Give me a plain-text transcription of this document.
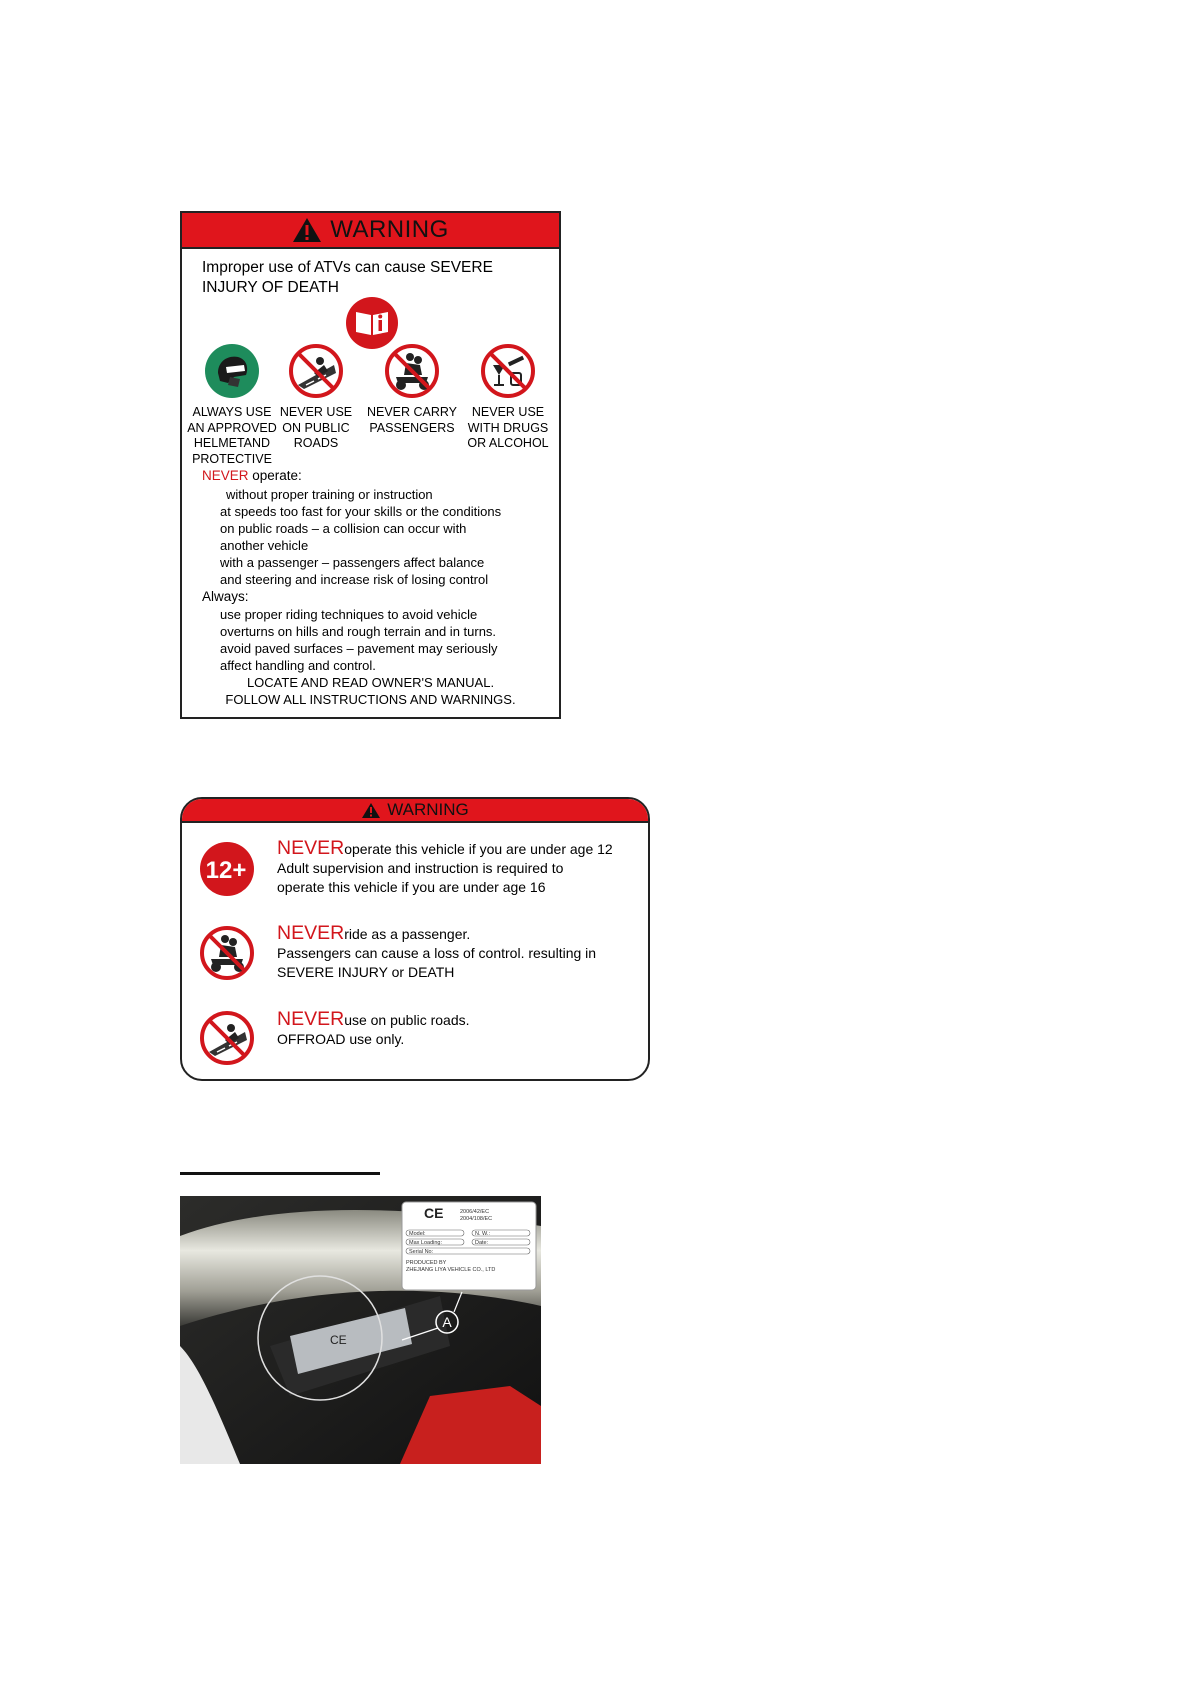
WARNING
Improper use of ATVs can cause SEVERE
INJURY OF DEATH
ALWAYS USE
AN APPROVED
HELMETAND
PROTECTIVE
NEVER USE
ON PUBLIC
ROADS
NEVER CARRY
PASSENGERS
NEVER USE
WITH DRUGS
OR ALCOHOL
NEVER operate:
without proper training or instruction
at speeds too fast for your skills or the conditions
on public roads – a collision can occur with
another vehicle
with a passenger – passengers affect balance
and steering and increase risk of losing control
Always:
use proper riding techniques to avoid vehicle
overturns on hills and rough terrain and in turns.
avoid paved surfaces – pavement may seriously
affect handling and control.
LOCATE AND READ OWNER'S MANUAL.
FOLLOW ALL INSTRUCTIONS AND WARNINGS.
WARNING
12+
NEVERoperate this vehicle if you are under age 12
Adult supervision and instruction is required to
operate this vehicle if you are under age 16
NEVERride as a passenger.
Passengers can cause a loss of control. resulting in
SEVERE INJURY or DEATH
NEVERuse on public roads.
OFFROAD use only.
CE
CE	2006/42/EC
2004/108/EC
Model:	N. W.:
Max Loading:	Date:
Serial No:
PRODUCED BY
ZHEJIANG LIYA VEHICLE CO., LTD
A
